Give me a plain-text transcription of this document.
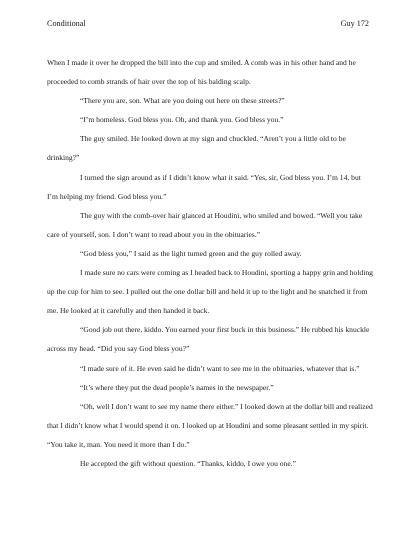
Conditional	Guy 172

When I made it over he dropped the bill into the cup and smiled. A comb was in his other hand and he proceeded to comb strands of hair over the top of his balding scalp.

“There you are, son. What are you doing out here on these streets?”

“I’m homeless. God bless you. Oh, and thank you. God bless you.”

The guy smiled. He looked down at my sign and chuckled. “Aren’t you a little old to be drinking?”

I turned the sign around as if I didn’t know what it said. “Yes, sir, God bless you. I’m 14, but I’m helping my friend. God bless you.”

The guy with the comb-over hair glanced at Houdini, who smiled and bowed. “Well you take care of yourself, son. I don’t want to read about you in the obituaries.”

“God bless you,” I said as the light turned green and the guy rolled away.

I made sure no cars were coming as I headed back to Houdini, sporting a happy grin and holding up the cup for him to see. I pulled out the one dollar bill and held it up to the light and he snatched it from me. He looked at it carefully and then handed it back.

“Good job out there, kiddo. You earned your first buck in this business.” He rubbed his knuckle across my head. “Did you say God bless you?”

“I made sure of it. He even said he didn’t want to see me in the obituaries, whatever that is.”

“It’s where they put the dead people’s names in the newspaper.”

“Oh, well I don’t want to see my name there either.” I looked down at the dollar bill and realized that I didn’t know what I would spend it on. I looked up at Houdini and some pleasant settled in my spirit. “You take it, man. You need it more than I do.”

He accepted the gift without question. “Thanks, kiddo, I owe you one.”
